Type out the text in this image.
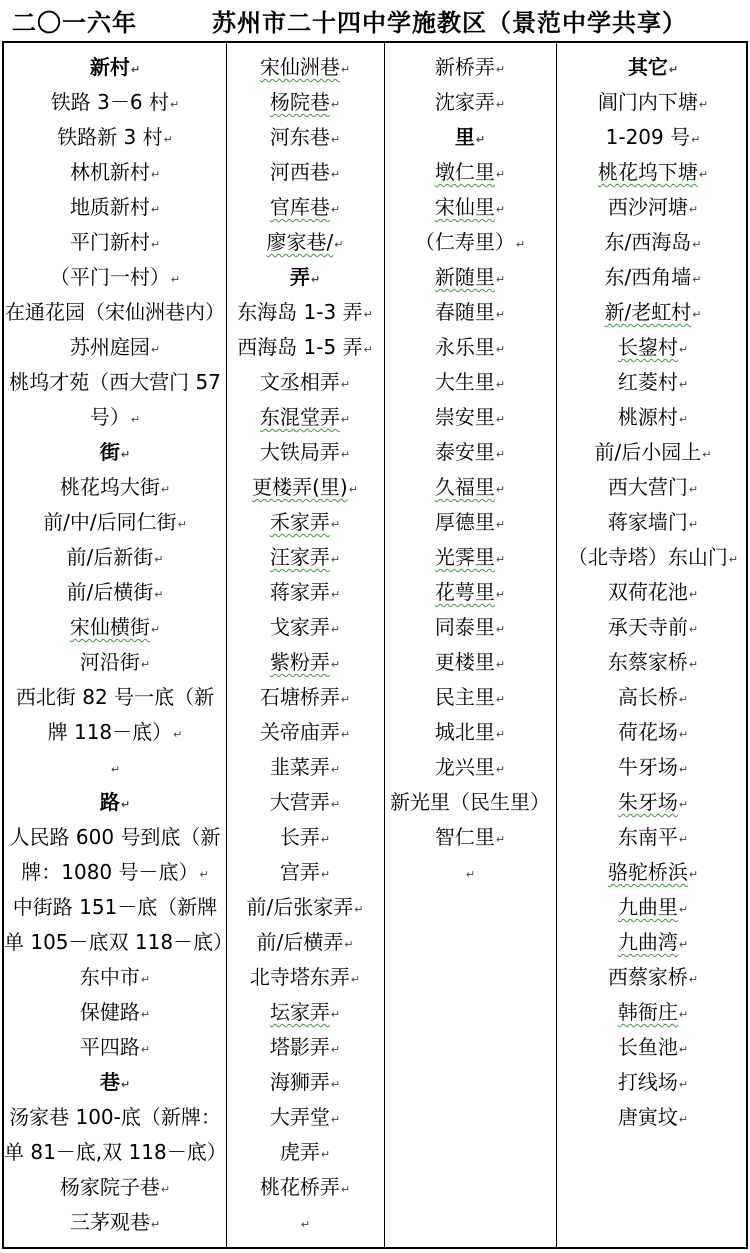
二〇一六年	苏州市二十四中学施教区（景范中学共享）
新村 ↵
铁路 3－6 村 ↵
铁路新 3 村 ↵
林机新村 ↵
地质新村 ↵
平门新村 ↵
（平门一村） ↵
在通花园（宋仙洲巷内）
苏州庭园 ↵
桃坞才苑（西大营门 57
号） ↵
街 ↵
桃花坞大街 ↵
前/中/后同仁街 ↵
前/后新街 ↵
前/后横街 ↵
宋仙横街 ↵
河沿街 ↵
西北街 82 号一底（新
牌 118－底） ↵
↵
路 ↵
人民路 600 号到底（新
牌：1080 号－底） ↵
中街路 151－底（新牌
单 105－底双 118－底）
东中市 ↵
保健路 ↵
平四路 ↵
巷 ↵
汤家巷 100-底（新牌：
单 81－底,双 118－底）
杨家院子巷 ↵
三茅观巷 ↵
宋仙洲巷 ↵
杨院巷 ↵
河东巷 ↵
河西巷 ↵
官库巷 ↵
廖家巷/ ↵
弄 ↵
东海岛 1-3 弄 ↵
西海岛 1-5 弄 ↵
文丞相弄 ↵
东混堂弄 ↵
大铁局弄 ↵
更楼弄(里) ↵
禾家弄 ↵
汪家弄 ↵
蒋家弄 ↵
戈家弄 ↵
紫粉弄 ↵
石塘桥弄 ↵
关帝庙弄 ↵
韭菜弄 ↵
大营弄 ↵
长弄 ↵
宫弄 ↵
前/后张家弄 ↵
前/后横弄 ↵
北寺塔东弄 ↵
坛家弄 ↵
塔影弄 ↵
海狮弄 ↵
大弄堂 ↵
虎弄 ↵
桃花桥弄 ↵
↵
新桥弄 ↵
沈家弄 ↵
里 ↵
墩仁里 ↵
宋仙里 ↵
（仁寿里） ↵
新随里 ↵
春随里 ↵
永乐里 ↵
大生里 ↵
崇安里 ↵
泰安里 ↵
久福里 ↵
厚德里 ↵
光霁里 ↵
花萼里 ↵
同泰里 ↵
更楼里 ↵
民主里 ↵
城北里 ↵
龙兴里 ↵
新光里（民生里）
智仁里 ↵
↵
其它 ↵
阊门内下塘 ↵
1-209 号 ↵
桃花坞下塘 ↵
西沙河塘 ↵
东/西海岛 ↵
东/西角墙 ↵
新/老虹村 ↵
长鋆村 ↵
红菱村 ↵
桃源村 ↵
前/后小园上 ↵
西大营门 ↵
蒋家墙门 ↵
（北寺塔）东山门 ↵
双荷花池 ↵
承天寺前 ↵
东蔡家桥 ↵
高长桥 ↵
荷花场 ↵
牛牙场 ↵
朱牙场 ↵
东南平 ↵
骆驼桥浜 ↵
九曲里 ↵
九曲湾 ↵
西蔡家桥 ↵
韩衙庄 ↵
长鱼池 ↵
打线场 ↵
唐寅坟 ↵
